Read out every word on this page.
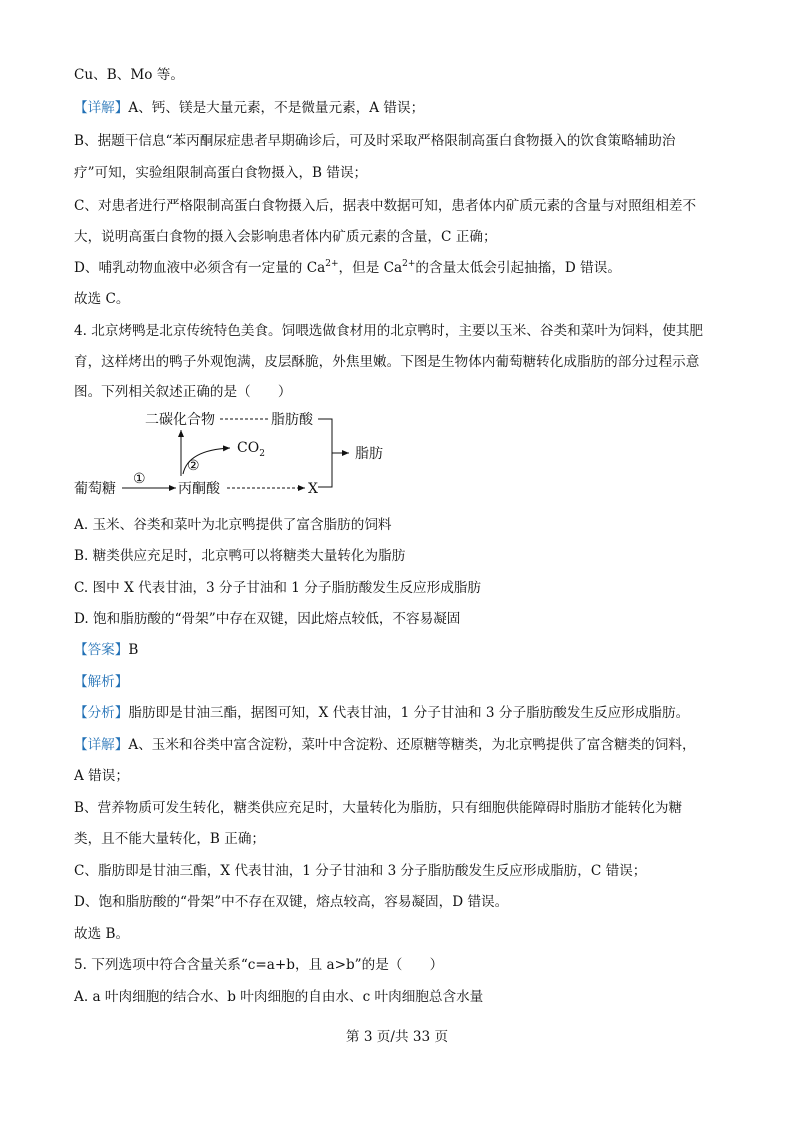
Cu、B、Mo 等。
【详解】A、钙、镁是大量元素，不是微量元素，A 错误；
B、据题干信息“苯丙酮尿症患者早期确诊后，可及时采取严格限制高蛋白食物摄入的饮食策略辅助治
疗”可知，实验组限制高蛋白食物摄入，B 错误；
C、对患者进行严格限制高蛋白食物摄入后，据表中数据可知，患者体内矿质元素的含量与对照组相差不
大，说明高蛋白食物的摄入会影响患者体内矿质元素的含量，C 正确；
D、哺乳动物血液中必须含有一定量的 $Ca^{2+}$，但是 $Ca^{2+}$的含量太低会引起抽搐，D 错误。
故选 C。
4. 北京烤鸭是北京传统特色美食。饲喂选做食材用的北京鸭时，主要以玉米、谷类和菜叶为饲料，使其肥
育，这样烤出的鸭子外观饱满，皮层酥脆，外焦里嫩。下图是生物体内葡萄糖转化成脂肪的部分过程示意
图。下列相关叙述正确的是（　　）
二碳化合物	脂肪酸
脂肪
$CO_2$
②
葡萄糖
①
丙酮酸	X
A. 玉米、谷类和菜叶为北京鸭提供了富含脂肪的饲料
B. 糖类供应充足时，北京鸭可以将糖类大量转化为脂肪
C. 图中 X 代表甘油，3 分子甘油和 1 分子脂肪酸发生反应形成脂肪
D. 饱和脂肪酸的“骨架”中存在双键，因此熔点较低，不容易凝固
【答案】B
【解析】
【分析】脂肪即是甘油三酯，据图可知，X 代表甘油，1 分子甘油和 3 分子脂肪酸发生反应形成脂肪。
【详解】A、玉米和谷类中富含淀粉，菜叶中含淀粉、还原糖等糖类，为北京鸭提供了富含糖类的饲料，
A 错误；
B、营养物质可发生转化，糖类供应充足时，大量转化为脂肪，只有细胞供能障碍时脂肪才能转化为糖
类，且不能大量转化，B 正确；
C、脂肪即是甘油三酯，X 代表甘油，1 分子甘油和 3 分子脂肪酸发生反应形成脂肪，C 错误；
D、饱和脂肪酸的“骨架”中不存在双键，熔点较高，容易凝固，D 错误。
故选 B。
5. 下列选项中符合含量关系“c=a+b，且 a>b”的是（　　）
A. a 叶肉细胞的结合水、b 叶肉细胞的自由水、c 叶肉细胞总含水量
第 3 页/共 33 页
